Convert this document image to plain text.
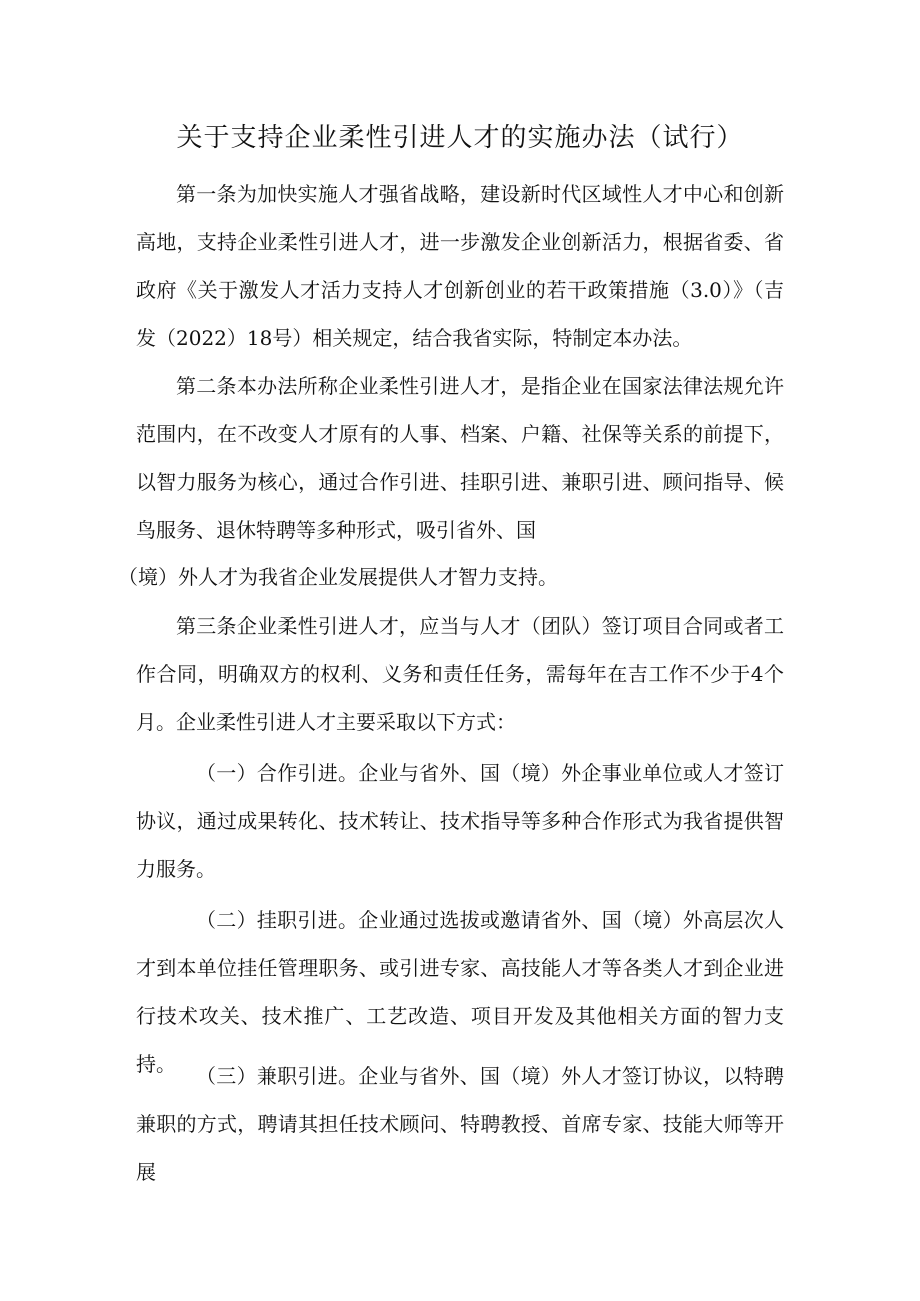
关于支持企业柔性引进人才的实施办法（试行）

第一条为加快实施人才强省战略，建设新时代区域性人才中心和创新高地，支持企业柔性引进人才，进一步激发企业创新活力，根据省委、省政府《关于激发人才活力支持人才创新创业的若干政策措施（3.0）》（吉发（2022）18号）相关规定，结合我省实际，特制定本办法。

第二条本办法所称企业柔性引进人才，是指企业在国家法律法规允许范围内，在不改变人才原有的人事、档案、户籍、社保等关系的前提下，以智力服务为核心，通过合作引进、挂职引进、兼职引进、顾问指导、候鸟服务、退休特聘等多种形式，吸引省外、国

（境）外人才为我省企业发展提供人才智力支持。

第三条企业柔性引进人才，应当与人才（团队）签订项目合同或者工作合同，明确双方的权利、义务和责任任务，需每年在吉工作不少于4个月。企业柔性引进人才主要采取以下方式：

（一）合作引进。企业与省外、国（境）外企事业单位或人才签订协议，通过成果转化、技术转让、技术指导等多种合作形式为我省提供智力服务。

（二）挂职引进。企业通过选拔或邀请省外、国（境）外高层次人才到本单位挂任管理职务、或引进专家、高技能人才等各类人才到企业进行技术攻关、技术推广、工艺改造、项目开发及其他相关方面的智力支持。	（三）兼职引进。企业与省外、国（境）外人才签订协议，以特聘兼职的方式，聘请其担任技术顾问、特聘教授、首席专家、技能大师等开展
